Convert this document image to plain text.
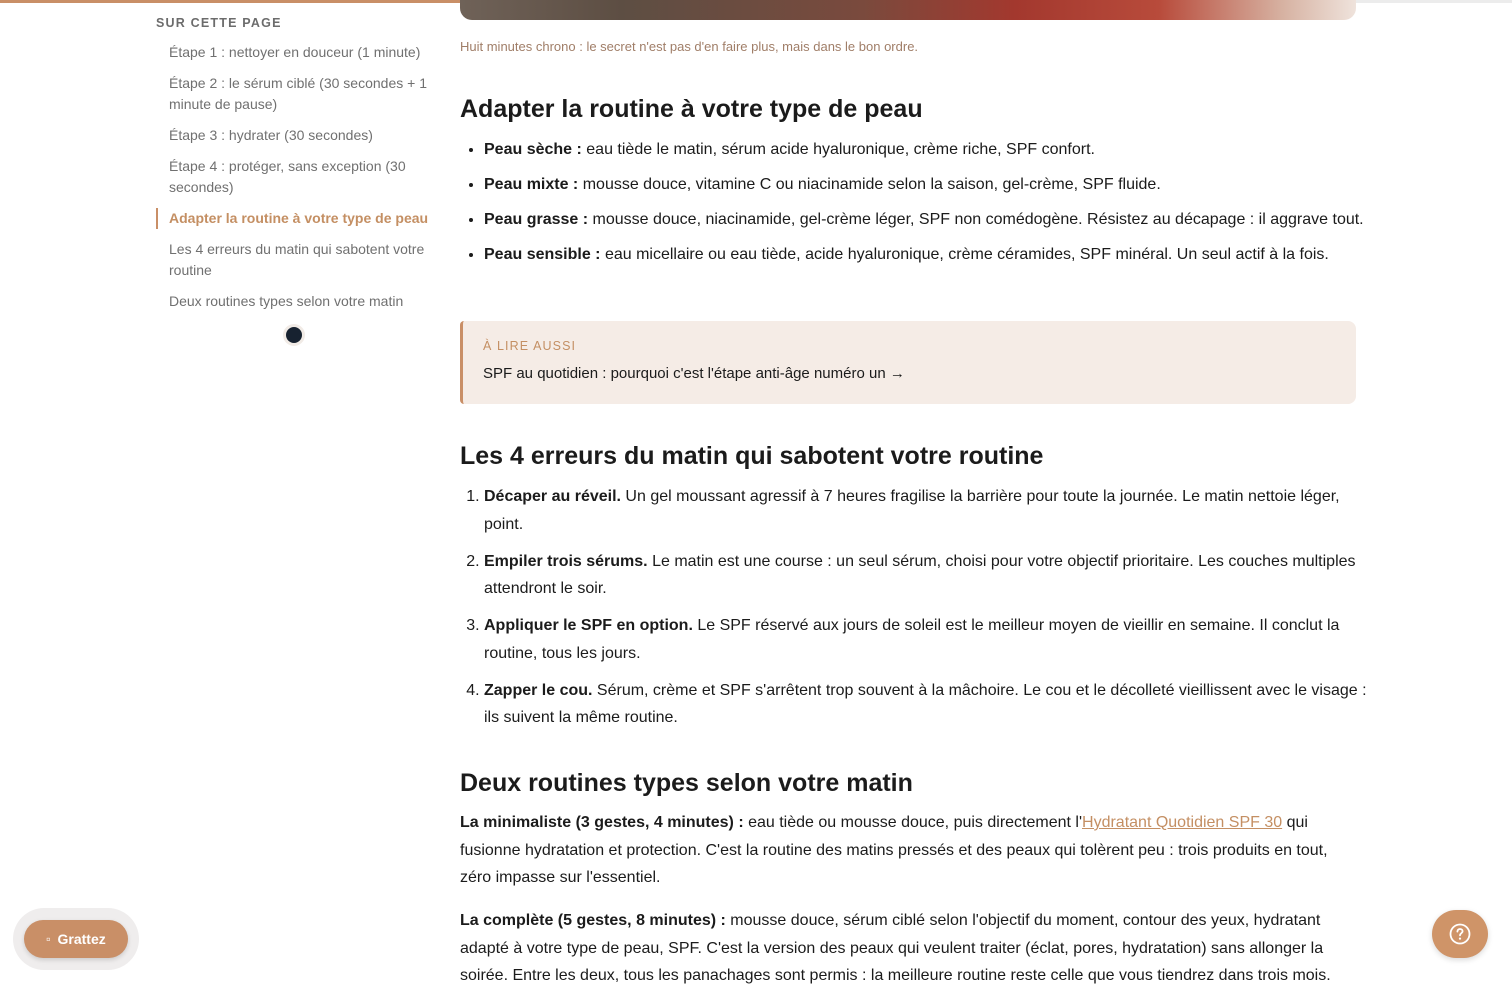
SUR CETTE PAGE
Étape 1 : nettoyer en douceur (1 minute)
Étape 2 : le sérum ciblé (30 secondes + 1 minute de pause)
Étape 3 : hydrater (30 secondes)
Étape 4 : protéger, sans exception (30 secondes)
Adapter la routine à votre type de peau
Les 4 erreurs du matin qui sabotent votre routine
Deux routines types selon votre matin
Huit minutes chrono : le secret n'est pas d'en faire plus, mais dans le bon ordre.
Adapter la routine à votre type de peau
• Peau sèche : eau tiède le matin, sérum acide hyaluronique, crème riche, SPF confort.
• Peau mixte : mousse douce, vitamine C ou niacinamide selon la saison, gel-crème, SPF fluide.
• Peau grasse : mousse douce, niacinamide, gel-crème léger, SPF non comédogène. Résistez au décapage : il aggrave tout.
• Peau sensible : eau micellaire ou eau tiède, acide hyaluronique, crème céramides, SPF minéral. Un seul actif à la fois.
À LIRE AUSSI
SPF au quotidien : pourquoi c'est l'étape anti-âge numéro un →
Les 4 erreurs du matin qui sabotent votre routine
1. Décaper au réveil. Un gel moussant agressif à 7 heures fragilise la barrière pour toute la journée. Le matin nettoie léger, point.
2. Empiler trois sérums. Le matin est une course : un seul sérum, choisi pour votre objectif prioritaire. Les couches multiples attendront le soir.
3. Appliquer le SPF en option. Le SPF réservé aux jours de soleil est le meilleur moyen de vieillir en semaine. Il conclut la routine, tous les jours.
4. Zapper le cou. Sérum, crème et SPF s'arrêtent trop souvent à la mâchoire. Le cou et le décolleté vieillissent avec le visage : ils suivent la même routine.
Deux routines types selon votre matin

La minimaliste (3 gestes, 4 minutes) : eau tiède ou mousse douce, puis directement l'Hydratant Quotidien SPF 30 qui fusionne hydratation et protection. C'est la routine des matins pressés et des peaux qui tolèrent peu : trois produits en tout, zéro impasse sur l'essentiel.

La complète (5 gestes, 8 minutes) : mousse douce, sérum ciblé selon l'objectif du moment, contour des yeux, hydratant adapté à votre type de peau, SPF. C'est la version des peaux qui veulent traiter (éclat, pores, hydratation) sans allonger la soirée. Entre les deux, tous les panachages sont permis : la meilleure routine reste celle que vous tiendrez dans trois mois.

▫ Grattez
